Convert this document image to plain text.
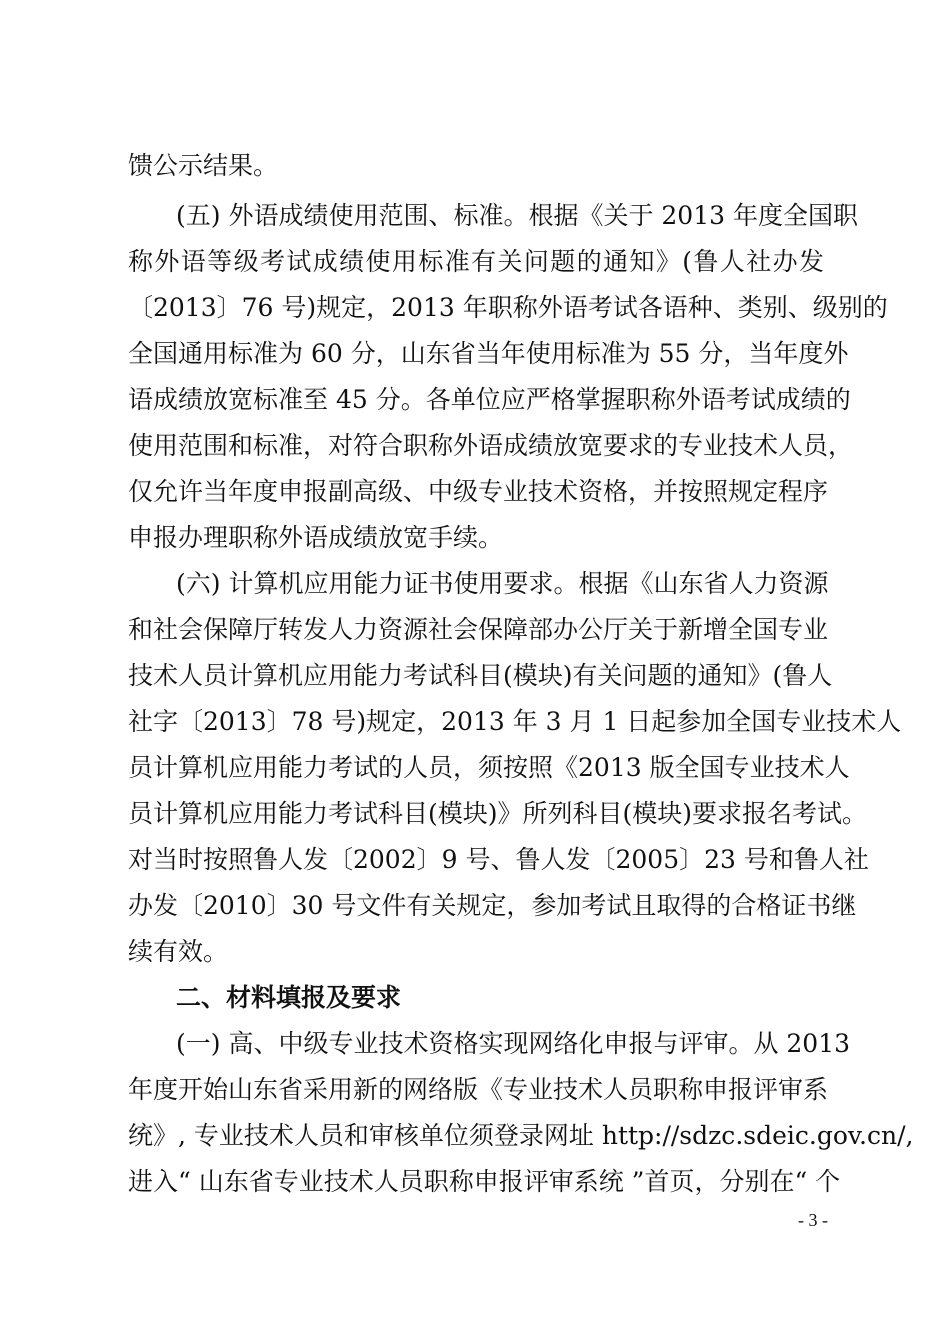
馈公示结果。
(五) 外语成绩使用范围、标准。根据《关于 2013 年度全国职
称外语等级考试成绩使用标准有关问题的通知》(鲁人社办发
〔2013〕76 号)规定，2013 年职称外语考试各语种、类别、级别的
全国通用标准为 60 分，山东省当年使用标准为 55 分，当年度外
语成绩放宽标准至 45 分。各单位应严格掌握职称外语考试成绩的
使用范围和标准，对符合职称外语成绩放宽要求的专业技术人员，
仅允许当年度申报副高级、中级专业技术资格，并按照规定程序
申报办理职称外语成绩放宽手续。
(六) 计算机应用能力证书使用要求。根据《山东省人力资源
和社会保障厅转发人力资源社会保障部办公厅关于新增全国专业
技术人员计算机应用能力考试科目(模块)有关问题的通知》(鲁人
社字〔2013〕78 号)规定，2013 年 3 月 1 日起参加全国专业技术人
员计算机应用能力考试的人员，须按照《2013 版全国专业技术人
员计算机应用能力考试科目(模块)》所列科目(模块)要求报名考试。
对当时按照鲁人发〔2002〕9 号、鲁人发〔2005〕23 号和鲁人社
办发〔2010〕30 号文件有关规定，参加考试且取得的合格证书继
续有效。
二、材料填报及要求
(一) 高、中级专业技术资格实现网络化申报与评审。从 2013
年度开始山东省采用新的网络版《专业技术人员职称申报评审系
统》, 专业技术人员和审核单位须登录网址 http://sdzc.sdeic.gov.cn/,
进入“ 山东省专业技术人员职称申报评审系统 ”首页，分别在“ 个
- 3 -
